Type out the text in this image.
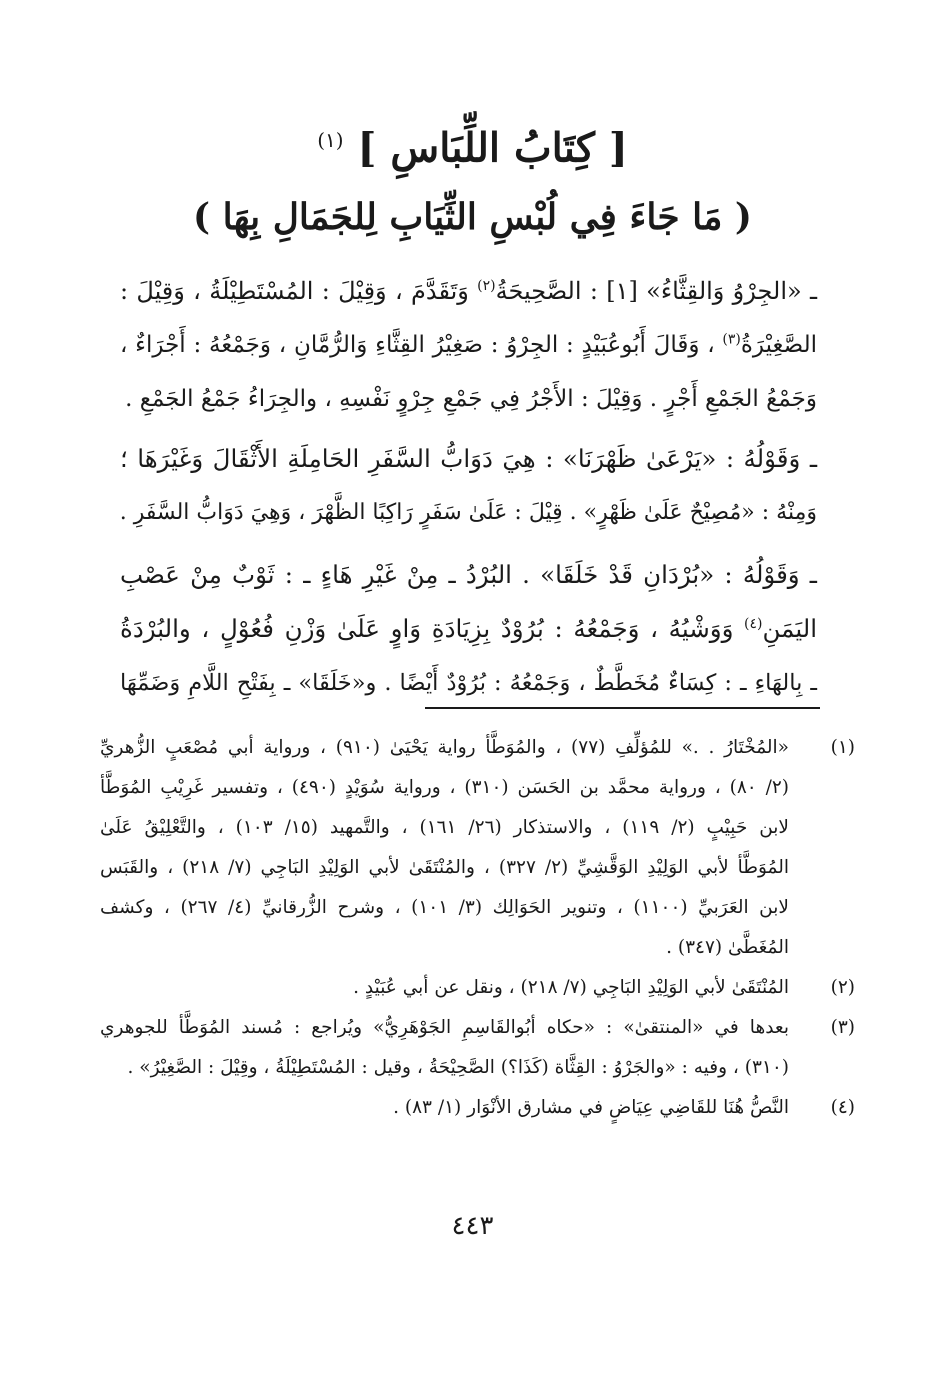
[ كِتَابُ اللِّبَاسِ ] $^{(١)}$
( مَا جَاءَ فِي لُبْسِ الثِّيَابِ لِلجَمَالِ بِهَا )
ـ «الجِرْوُ وَالقِثَّاءُ» [١] : الصَّحِيحَةُ$^{(٢)}$ وَتَقَدَّمَ ، وَقِيْلَ : المُسْتَطِيْلَةُ ، وَقِيْلَ :
الصَّغِيْرَةُ$^{(٣)}$ ، وَقَالَ أَبُوعُبَيْدٍ : الجِرْوُ : صَغِيْرُ القِثَّاءِ وَالرُّمَّانِ ، وَجَمْعُهُ : أَجْرَاءٌ ،
وَجَمْعُ الجَمْعِ أَجْرٍ . وَقِيْلَ : الأَجْرُ فِي جَمْعِ جِرْوٍ نَفْسِهِ ، والجِرَاءُ جَمْعُ الجَمْعِ .
ـ وَقَوْلُهُ : «يَرْعَىٰ ظَهْرَنَا» : هِيَ دَوَابُّ السَّفَرِ الحَامِلَةِ الأَثْقَالَ وَغَيْرَهَا ؛
وَمِنْهُ : «مُصِيْحٌ عَلَىٰ ظَهْرٍ» . قِيْلَ : عَلَىٰ سَفَرٍ رَاكِبًا الظَّهْرَ ، وَهِيَ دَوَابُّ السَّفَرِ .
ـ وَقَوْلُهُ : «بُرْدَانِ قَدْ خَلَقَا» . البُرْدُ ـ مِنْ غَيْرِ هَاءٍ ـ : ثَوْبٌ مِنْ عَصْبِ
اليَمَنِ$^{(٤)}$ وَوَشْيُهُ ، وَجَمْعُهُ : بُرُوْدٌ بِزِيَادَةِ وَاوٍ عَلَىٰ وَزْنِ فُعُوْلٍ ، والبُرْدَةُ
ـ بِالهَاءِ ـ : كِسَاءٌ مُخَطَّطٌ ، وَجَمْعُهُ : بُرُوْدٌ أَيْضًا . و«خَلَقَا» ـ بِفَتْحِ اللَّامِ وَضَمِّهَا
(١)
«المُخْتَارُ . .» للمُؤلِّفِ (٧٧) ، والمُوَطَّأ رواية يَحْيَىٰ (٩١٠) ، ورواية أبي مُصْعَبٍ الزُّهريِّ
(٢/ ٨٠) ، ورواية محمَّد بن الحَسَن (٣١٠) ، ورواية سُوَيْدٍ (٤٩٠) ، وتفسير غَرِيْبِ المُوَطَّأ
لابن حَبِيْبٍ (٢/ ١١٩) ، والاستذكار (٢٦/ ١٦١) ، والتَّمهيد (١٥/ ١٠٣) ، والتَّعْلِيْقُ عَلَىٰ
المُوَطَّأ لأبي الوَلِيْدِ الوَقَّشِيِّ (٢/ ٣٢٧) ، والمُنْتَقَىٰ لأبي الوَلِيْدِ البَاجِي (٧/ ٢١٨) ، والقَبَس
لابن العَرَبيِّ (١١٠٠) ، وتنوير الحَوَالِك (٣/ ١٠١) ، وشرح الزُّرقانيِّ (٤/ ٢٦٧) ، وكشف
المُغَطَّىٰ (٣٤٧) .
(٢)
المُنْتَقَىٰ لأبي الوَلِيْدِ البَاجِي (٧/ ٢١٨) ، ونقل عن أبي عُبَيْدٍ .
(٣)
بعدها في «المنتقىٰ» : «حكاه أبُوالقَاسِمِ الجَوْهَرِيُّ» ويُراجع : مُسند المُوَطَّأ للجوهري
(٣١٠) ، وفيه : «والجَرْوُ : القِثَّاة (كَذَا؟) الصَّحِيْحَةُ ، وقيل : المُسْتَطِيْلَةُ ، وقِيْلَ : الصَّغِيْرُ» .
(٤)
النَّصُّ هُنَا للقَاضِي عِيَاضٍ في مشارق الأنْوَار (١/ ٨٣) .
٤٤٣
